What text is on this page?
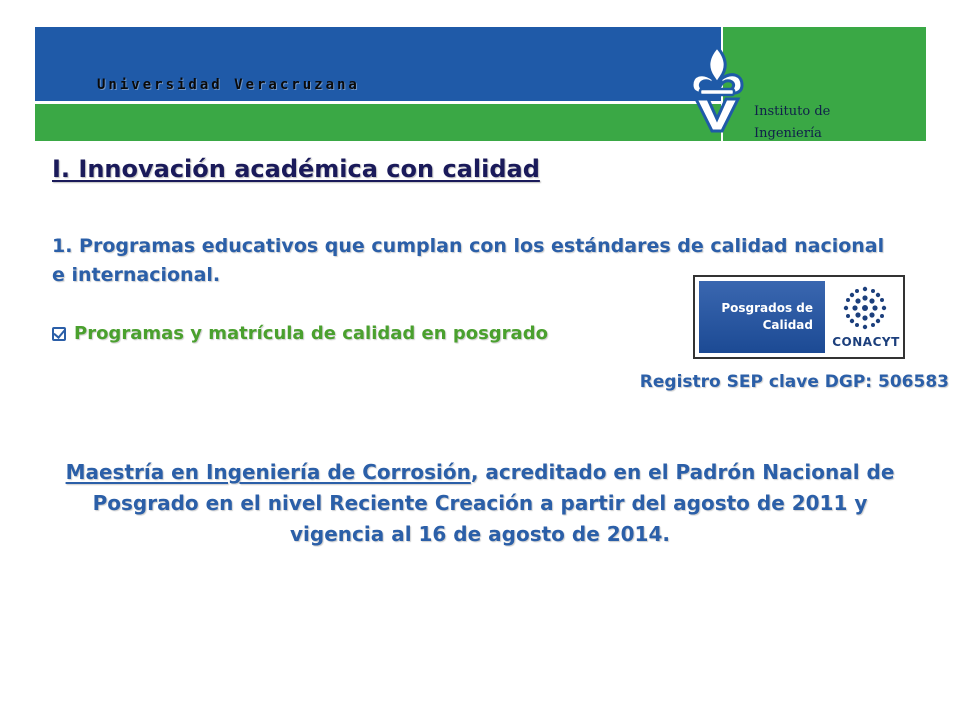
Universidad Veracruzana
Instituto de Ingeniería
I. Innovación académica con calidad

1. Programas educativos que cumplan con los estándares de calidad nacional e internacional.

Programas y matrícula de calidad en posgrado
Posgrados de
Calidad
CONACYT

Registro SEP clave DGP: 506583

Maestría en Ingeniería de Corrosión, acreditado en el Padrón Nacional de Posgrado en el nivel Reciente Creación a partir del agosto de 2011 y vigencia al 16 de agosto de 2014.
